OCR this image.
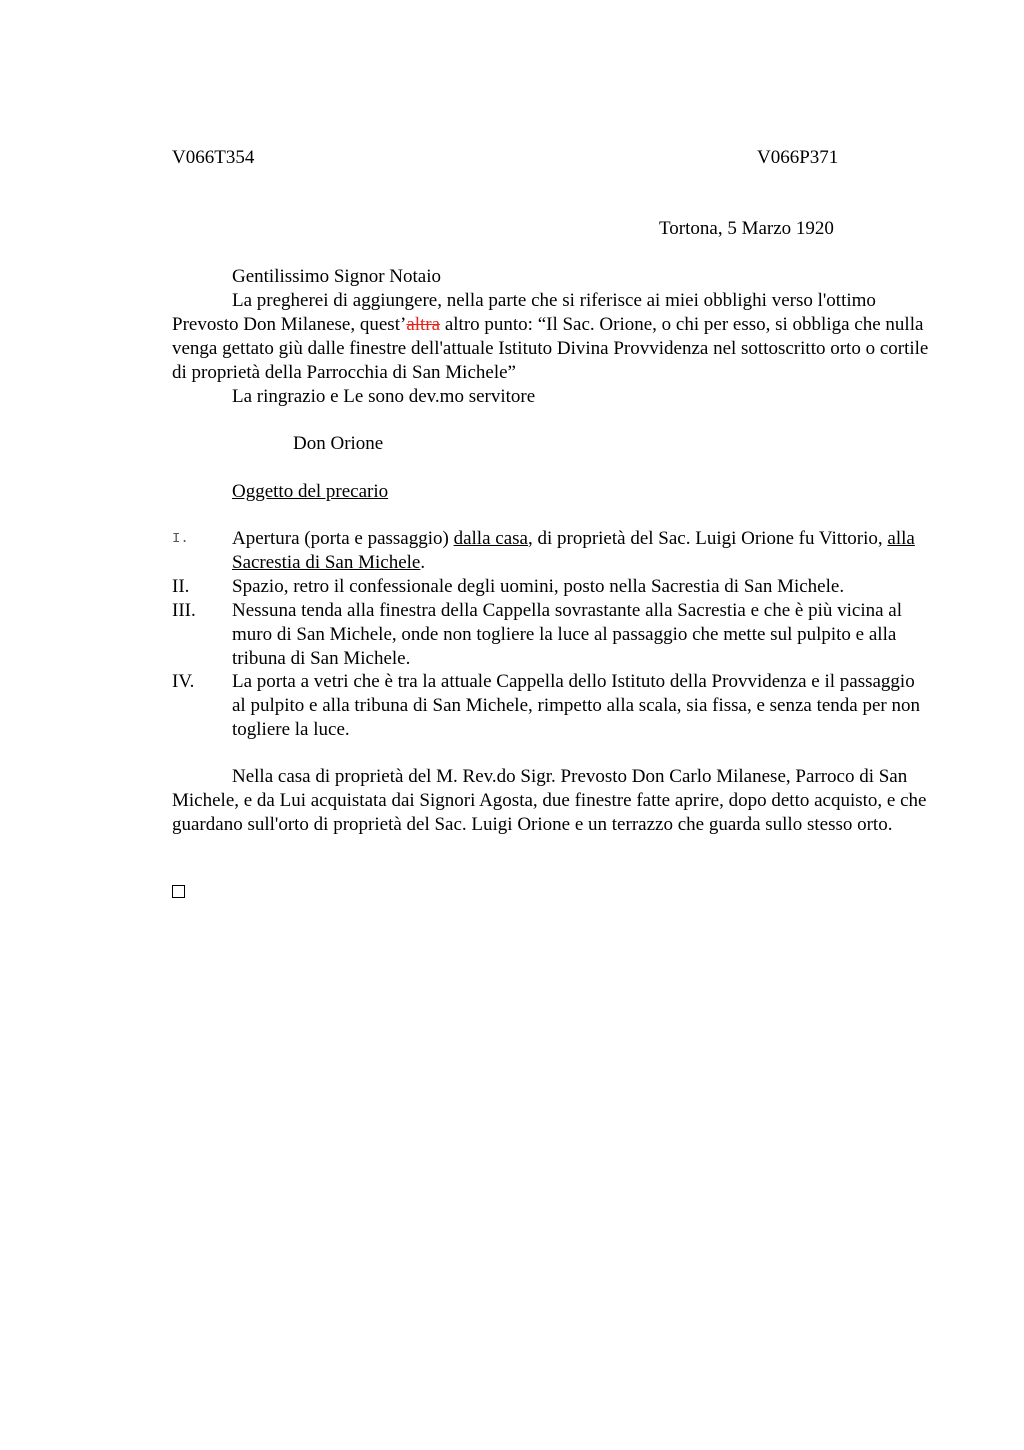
V066T354	V066P371
Tortona, 5 Marzo 1920

Gentilissimo Signor Notaio

La pregherei di aggiungere, nella parte che si riferisce ai miei obblighi verso l'ottimo Prevosto Don Milanese, quest’altra altro punto: “Il Sac. Orione, o chi per esso, si obbliga che nulla venga gettato giù dalle finestre dell'attuale Istituto Divina Provvidenza nel sottoscritto orto o cortile di proprietà della Parrocchia di San Michele”

La ringrazio e Le sono dev.mo servitore

Don Orione
Oggetto del precario
I.	Apertura (porta e passaggio) dalla casa, di proprietà del Sac. Luigi Orione fu Vittorio, alla Sacrestia di San Michele.
II.	Spazio, retro il confessionale degli uomini, posto nella Sacrestia di San Michele.
III.	Nessuna tenda alla finestra della Cappella sovrastante alla Sacrestia e che è più vicina al muro di San Michele, onde non togliere la luce al passaggio che mette sul pulpito e alla tribuna di San Michele.
IV.	La porta a vetri che è tra la attuale Cappella dello Istituto della Provvidenza e il passaggio al pulpito e alla tribuna di San Michele, rimpetto alla scala, sia fissa, e senza tenda per non togliere la luce.

Nella casa di proprietà del M. Rev.do Sigr. Prevosto Don Carlo Milanese, Parroco di San Michele, e da Lui acquistata dai Signori Agosta, due finestre fatte aprire, dopo detto acquisto, e che guardano sull'orto di proprietà del Sac. Luigi Orione e un terrazzo che guarda sullo stesso orto.
